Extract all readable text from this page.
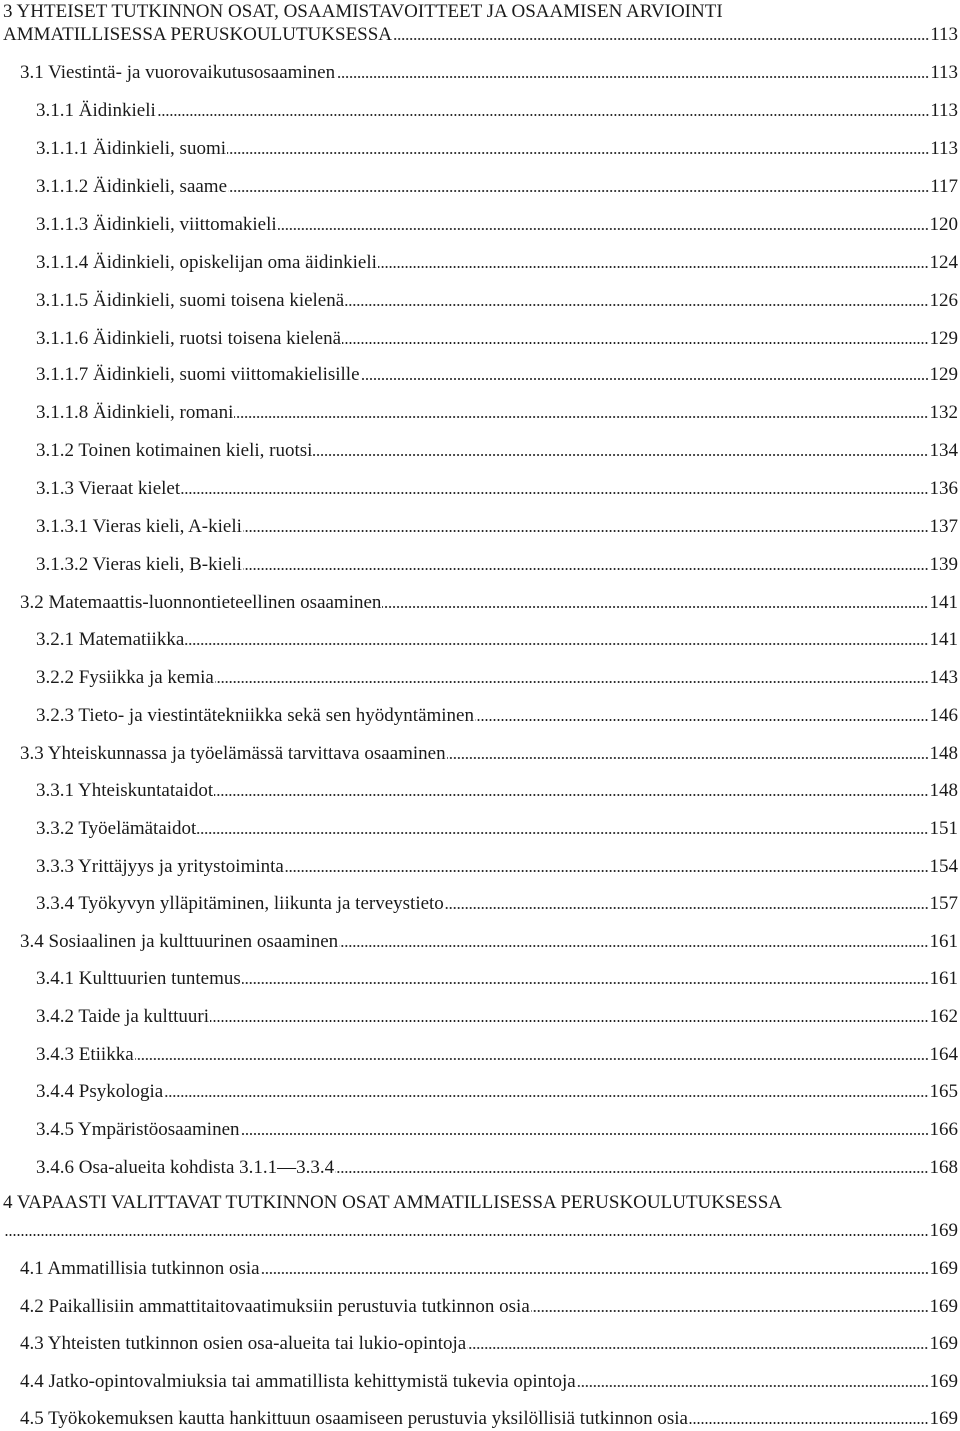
3 YHTEISET TUTKINNON OSAT, OSAAMISTAVOITTEET JA OSAAMISEN ARVIOINTI
AMMATILLISESSA PERUSKOULUTUKSESSA	113
3.1 Viestintä- ja vuorovaikutusosaaminen	113
3.1.1 Äidinkieli	113
3.1.1.1 Äidinkieli, suomi	113
3.1.1.2 Äidinkieli, saame	117
3.1.1.3 Äidinkieli, viittomakieli	120
3.1.1.4 Äidinkieli, opiskelijan oma äidinkieli	124
3.1.1.5 Äidinkieli, suomi toisena kielenä	126
3.1.1.6 Äidinkieli, ruotsi toisena kielenä	129
3.1.1.7 Äidinkieli, suomi viittomakielisille	129
3.1.1.8 Äidinkieli, romani	132
3.1.2 Toinen kotimainen kieli, ruotsi	134
3.1.3 Vieraat kielet	136
3.1.3.1 Vieras kieli, A-kieli	137
3.1.3.2 Vieras kieli, B-kieli	139
3.2 Matemaattis-luonnontieteellinen osaaminen	141
3.2.1 Matematiikka	141
3.2.2 Fysiikka ja kemia	143
3.2.3 Tieto- ja viestintätekniikka sekä sen hyödyntäminen	146
3.3 Yhteiskunnassa ja työelämässä tarvittava osaaminen	148
3.3.1 Yhteiskuntataidot	148
3.3.2 Työelämätaidot	151
3.3.3 Yrittäjyys ja yritystoiminta	154
3.3.4 Työkyvyn ylläpitäminen, liikunta ja terveystieto	157
3.4 Sosiaalinen ja kulttuurinen osaaminen	161
3.4.1 Kulttuurien tuntemus	161
3.4.2 Taide ja kulttuuri	162
3.4.3 Etiikka	164
3.4.4 Psykologia	165
3.4.5 Ympäristöosaaminen	166
3.4.6 Osa-alueita kohdista 3.1.1—3.3.4	168
4 VAPAASTI VALITTAVAT TUTKINNON OSAT AMMATILLISESSA PERUSKOULUTUKSESSA
169
4.1 Ammatillisia tutkinnon osia	169
4.2 Paikallisiin ammattitaitovaatimuksiin perustuvia tutkinnon osia	169
4.3 Yhteisten tutkinnon osien osa-alueita tai lukio-opintoja	169
4.4 Jatko-opintovalmiuksia tai ammatillista kehittymistä tukevia opintoja	169
4.5 Työkokemuksen kautta hankittuun osaamiseen perustuvia yksilöllisiä tutkinnon osia	169
